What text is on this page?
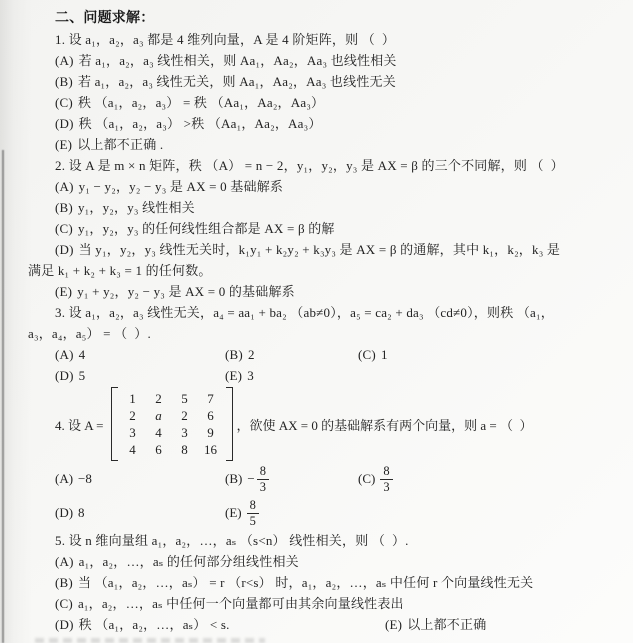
二、问题求解：
1. 设 a₁，a₂，a₃ 都是 4 维列向量，A 是 4 阶矩阵，则 （  ）
(A) 若 a₁，a₂，a₃ 线性相关，则 Aa₁，Aa₂，Aa₃ 也线性相关
(B) 若 a₁，a₂，a₃ 线性无关，则 Aa₁，Aa₂，Aa₃ 也线性无关
(C) 秩 （a₁，a₂，a₃） = 秩 （Aa₁，Aa₂，Aa₃）
(D) 秩 （a₁，a₂，a₃） >秩 （Aa₁，Aa₂，Aa₃）
(E) 以上都不正确 .
2. 设 A 是 m × n 矩阵，秩 （A） = n − 2，y₁，y₂，y₃ 是 AX = β 的三个不同解，则 （  ）
(A) y₁ − y₂，y₂ − y₃ 是 AX = 0 基础解系
(B) y₁，y₂，y₃ 线性相关
(C) y₁，y₂，y₃ 的任何线性组合都是 AX = β 的解
(D) 当 y₁，y₂，y₃ 线性无关时，k₁y₁ + k₂y₂ + k₃y₃ 是 AX = β 的通解，其中 k₁，k₂，k₃ 是
满足 k₁ + k₂ + k₃ = 1 的任何数。
(E) y₁ + y₂，y₂ − y₃ 是 AX = 0 的基础解系
3. 设 a₁，a₂，a₃ 线性无关，a₄ = aa₁ + ba₂ （ab≠0），a₅ = ca₂ + da₃ （cd≠0），则秩 （a₁，
a₃，a₄，a₅） = （  ）.
(A) 4	(B) 2	(C) 1
(D) 5	(E) 3
4. 设 A =
1 2 5 7
2 a 2 6
3 4 3 9
4 6 8 16
，欲使 AX = 0 的基础解系有两个向量，则 a = （  ）
(A) −8	$(B) - \frac{8}{3}$	$(C) \frac{8}{3}$
(D) 8	$(E) \frac{8}{5}$
5. 设 n 维向量组 a₁，a₂，…，aₛ （s<n） 线性相关，则 （  ）.
(A) a₁，a₂，…，aₛ 的任何部分组线性相关
(B) 当 （a₁，a₂，…，aₛ） = r （r<s） 时，a₁，a₂，…，aₛ 中任何 r 个向量线性无关
(C) a₁，a₂，…，aₛ 中任何一个向量都可由其余向量线性表出
(D) 秩 （a₁，a₂，…，aₛ） < s.	(E) 以上都不正确
